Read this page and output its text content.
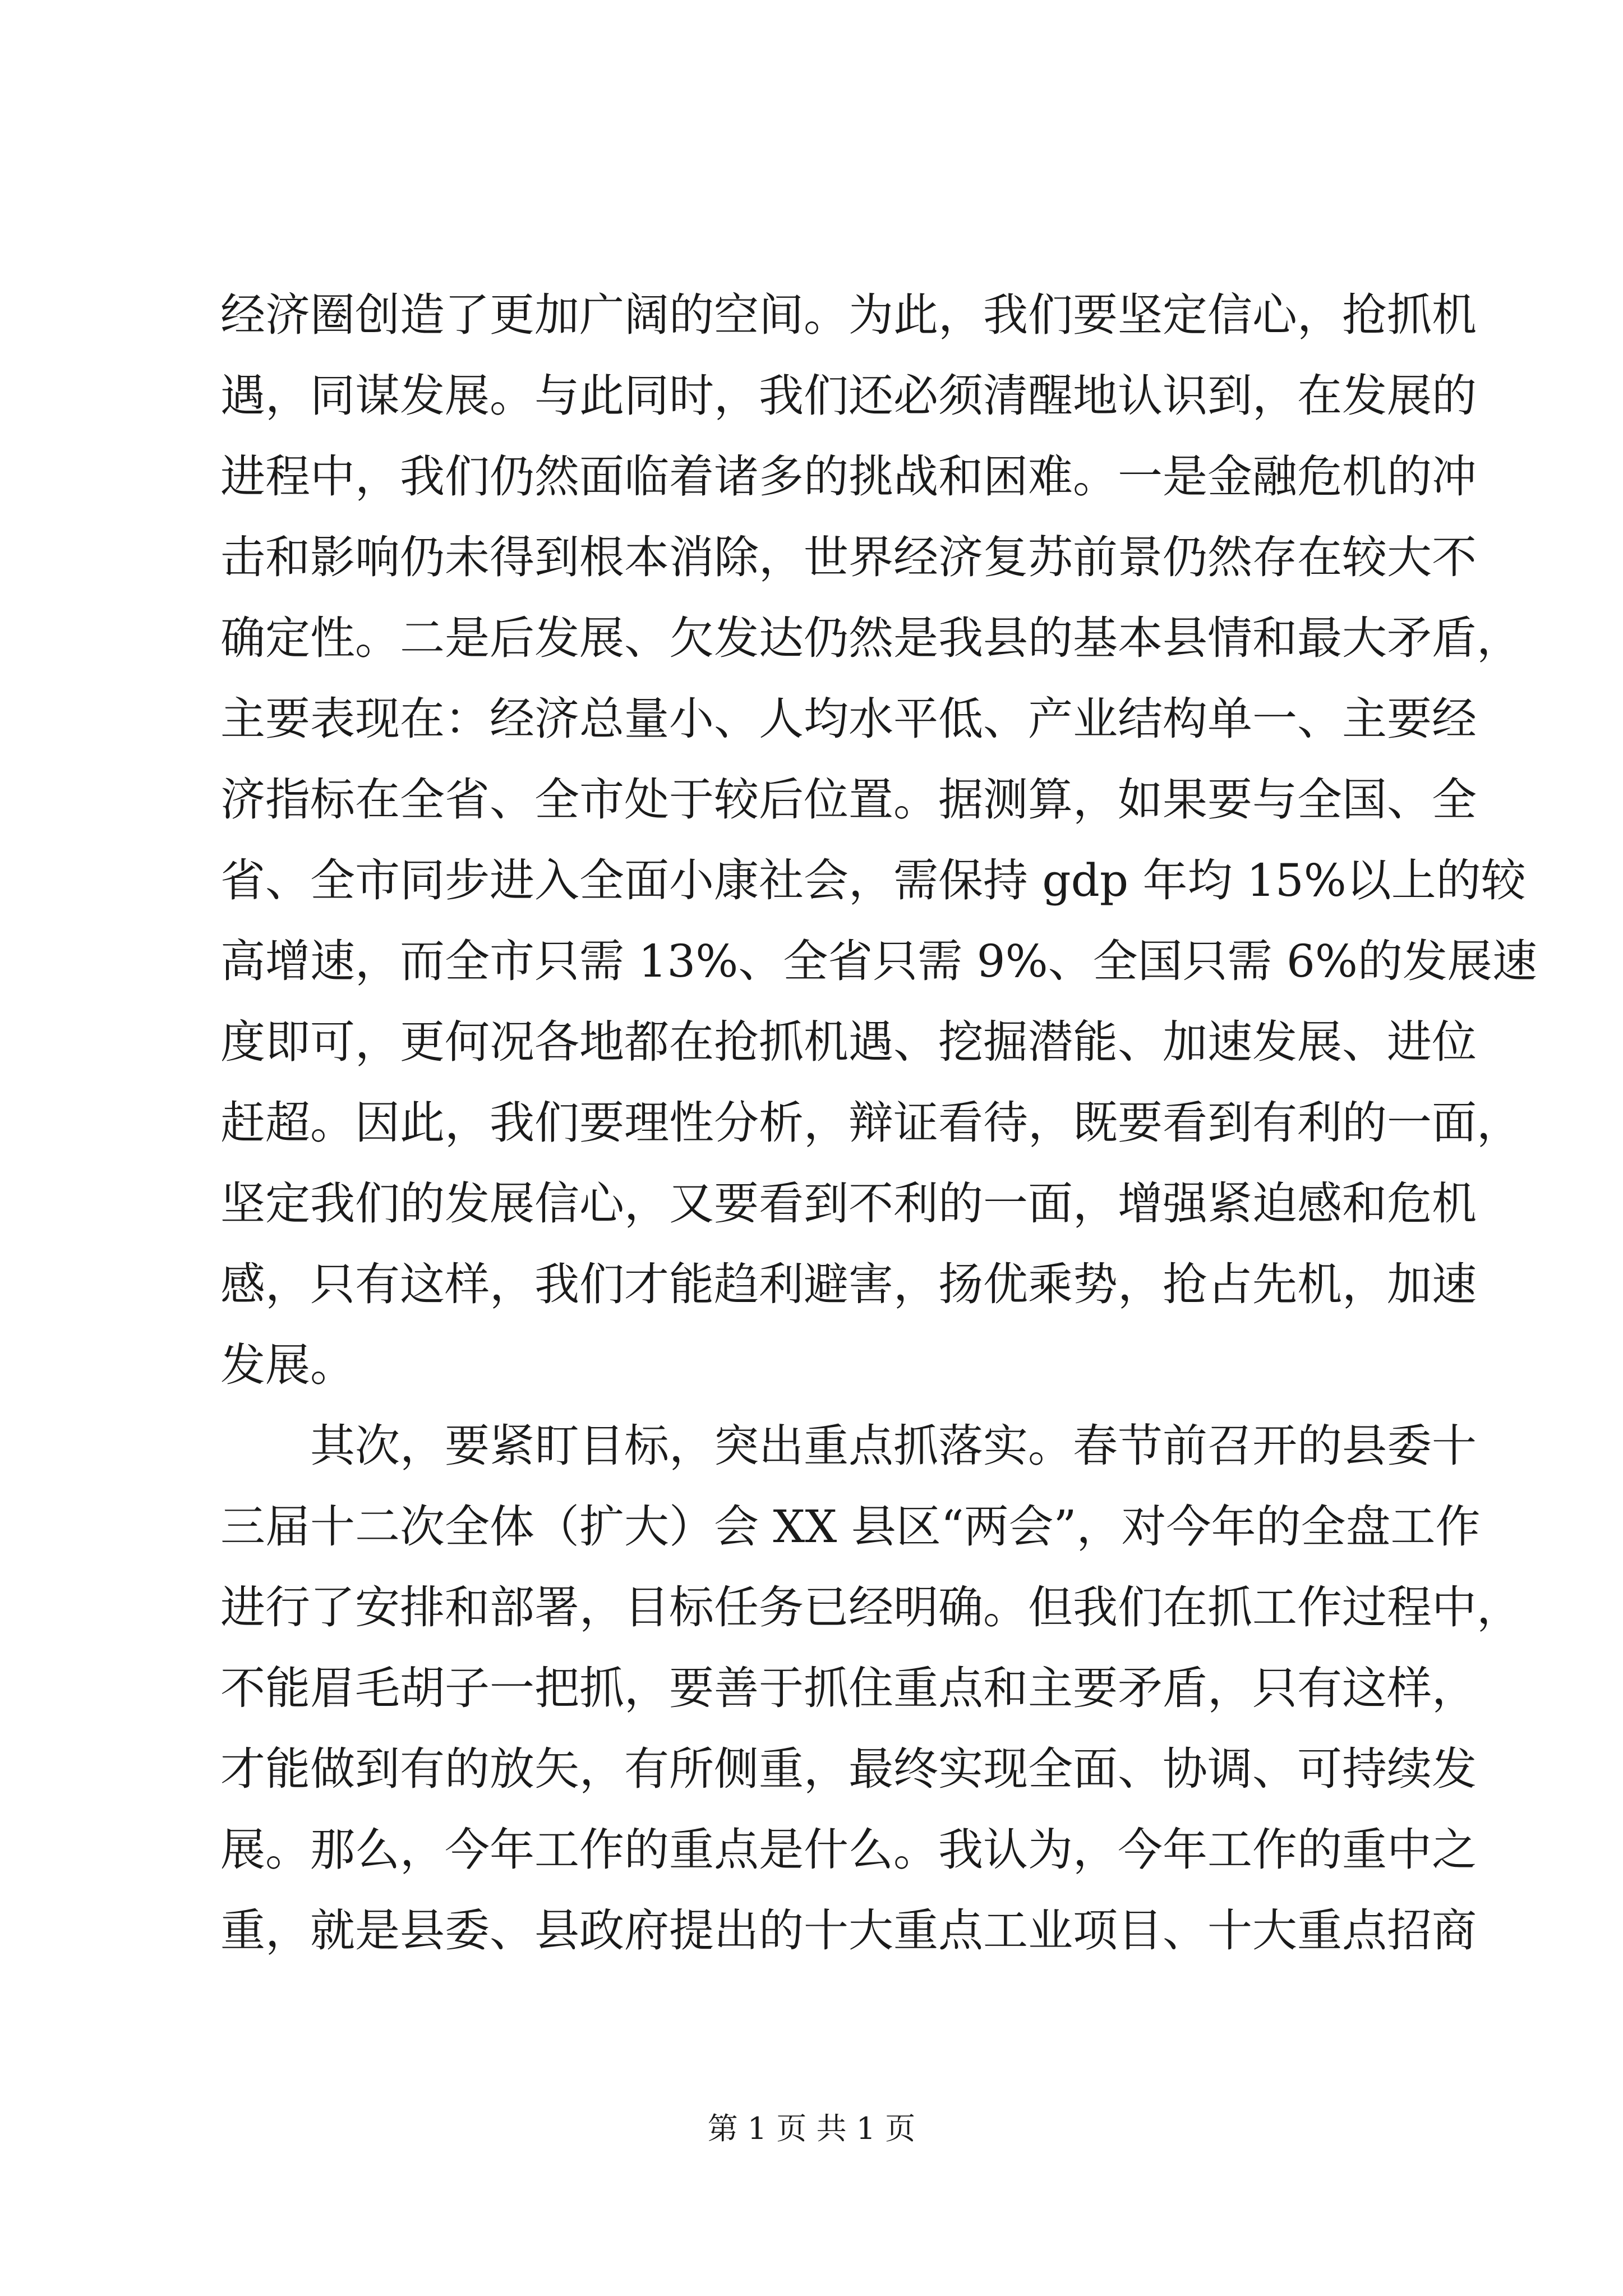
经济圈创造了更加广阔的空间。为此，我们要坚定信心，抢抓机
遇，同谋发展。与此同时，我们还必须清醒地认识到，在发展的
进程中，我们仍然面临着诸多的挑战和困难。一是金融危机的冲
击和影响仍未得到根本消除，世界经济复苏前景仍然存在较大不
确定性。二是后发展、欠发达仍然是我县的基本县情和最大矛盾，
主要表现在：经济总量小、人均水平低、产业结构单一、主要经
济指标在全省、全市处于较后位置。据测算，如果要与全国、全
省、全市同步进入全面小康社会，需保持 gdp 年均 15%以上的较
高增速，而全市只需 13%、全省只需 9%、全国只需 6%的发展速
度即可，更何况各地都在抢抓机遇、挖掘潜能、加速发展、进位
赶超。因此，我们要理性分析，辩证看待，既要看到有利的一面，
坚定我们的发展信心，又要看到不利的一面，增强紧迫感和危机
感，只有这样，我们才能趋利避害，扬优乘势，抢占先机，加速
发展。
其次，要紧盯目标，突出重点抓落实。春节前召开的县委十
三届十二次全体（扩大）会 XX 县区“两会”，对今年的全盘工作
进行了安排和部署，目标任务已经明确。但我们在抓工作过程中，
不能眉毛胡子一把抓，要善于抓住重点和主要矛盾，只有这样，
才能做到有的放矢，有所侧重，最终实现全面、协调、可持续发
展。那么，今年工作的重点是什么。我认为，今年工作的重中之
重，就是县委、县政府提出的十大重点工业项目、十大重点招商
第 1 页 共 1 页
